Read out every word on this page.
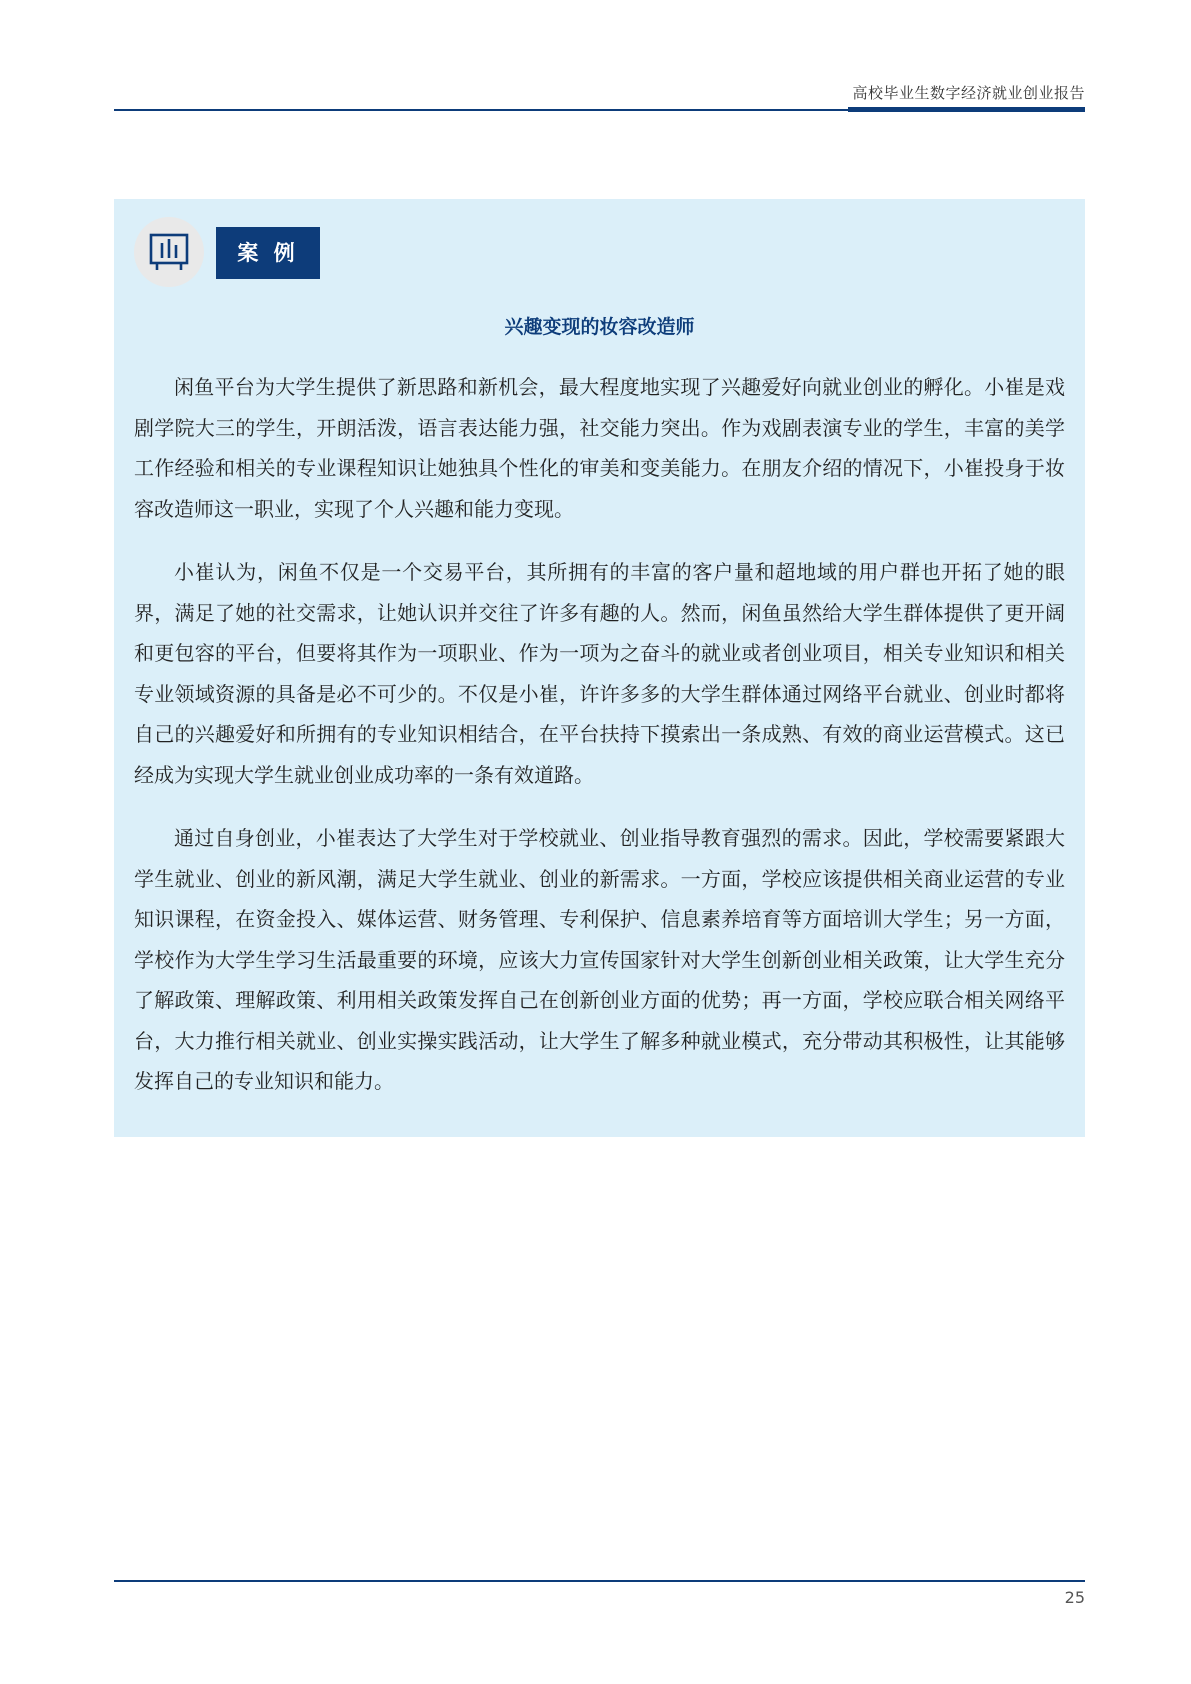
高校毕业生数字经济就业创业报告
案 例
兴趣变现的妆容改造师

闲鱼平台为大学生提供了新思路和新机会，最大程度地实现了兴趣爱好向就业创业的孵化。小崔是戏剧学院大三的学生，开朗活泼，语言表达能力强，社交能力突出。作为戏剧表演专业的学生，丰富的美学工作经验和相关的专业课程知识让她独具个性化的审美和变美能力。在朋友介绍的情况下，小崔投身于妆容改造师这一职业，实现了个人兴趣和能力变现。

小崔认为，闲鱼不仅是一个交易平台，其所拥有的丰富的客户量和超地域的用户群也开拓了她的眼界，满足了她的社交需求，让她认识并交往了许多有趣的人。然而，闲鱼虽然给大学生群体提供了更开阔和更包容的平台，但要将其作为一项职业、作为一项为之奋斗的就业或者创业项目，相关专业知识和相关专业领域资源的具备是必不可少的。不仅是小崔，许许多多的大学生群体通过网络平台就业、创业时都将自己的兴趣爱好和所拥有的专业知识相结合，在平台扶持下摸索出一条成熟、有效的商业运营模式。这已经成为实现大学生就业创业成功率的一条有效道路。

通过自身创业，小崔表达了大学生对于学校就业、创业指导教育强烈的需求。因此，学校需要紧跟大学生就业、创业的新风潮，满足大学生就业、创业的新需求。一方面，学校应该提供相关商业运营的专业知识课程，在资金投入、媒体运营、财务管理、专利保护、信息素养培育等方面培训大学生；另一方面，学校作为大学生学习生活最重要的环境，应该大力宣传国家针对大学生创新创业相关政策，让大学生充分了解政策、理解政策、利用相关政策发挥自己在创新创业方面的优势；再一方面，学校应联合相关网络平台，大力推行相关就业、创业实操实践活动，让大学生了解多种就业模式，充分带动其积极性，让其能够发挥自己的专业知识和能力。

25
